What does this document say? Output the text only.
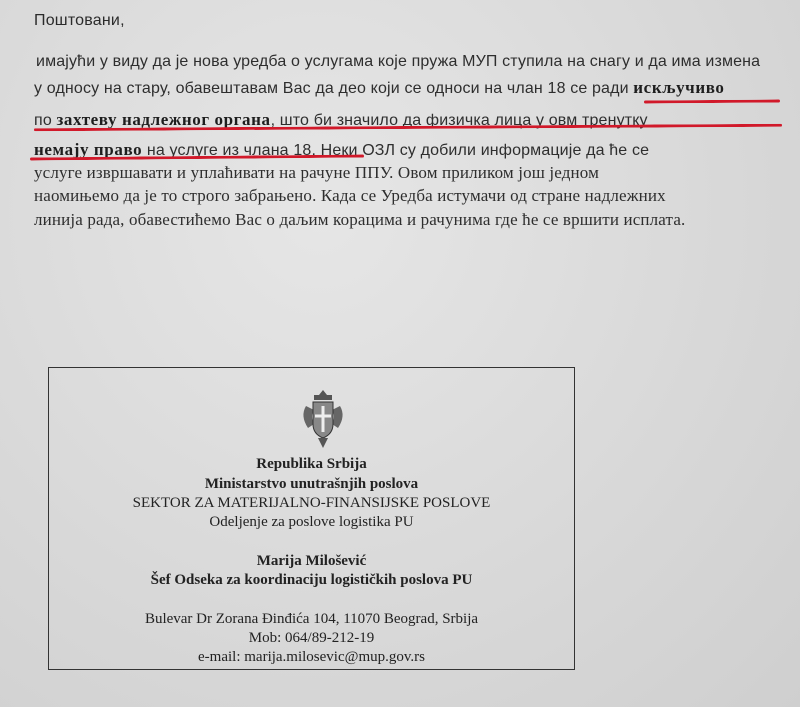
Поштовани,
имајући у виду да је нова уредба о услугама које пружа МУП ступила на снагу и да има измена
у односу на стару, обавештавам Вас да део који се односи на члан 18 се ради искључиво
по захтеву надлежног органа, што би значило да физичка лица у овм тренутку
немају право на услуге из члана 18. Неки ОЗЛ су добили информације да ће се
услуге извршавати и уплаћивати на рачуне ППУ. Овом приликом још једном
наомињемо да је то строго забрањено. Када се Уредба истумачи од стране надлежних
линија рада, обавестићемо Вас о даљим корацима и рачунима где ће се вршити исплата.
Republika Srbija
Ministarstvo unutrašnjih poslova
SEKTOR ZA MATERIJALNO-FINANSIJSKE POSLOVE
Odeljenje za poslove logistika PU
Marija Milošević
Šef Odseka za koordinaciju logističkih poslova PU
Bulevar Dr Zorana Đinđića 104, 11070 Beograd, Srbija
Mob: 064/89-212-19
e-mail: marija.milosevic@mup.gov.rs
